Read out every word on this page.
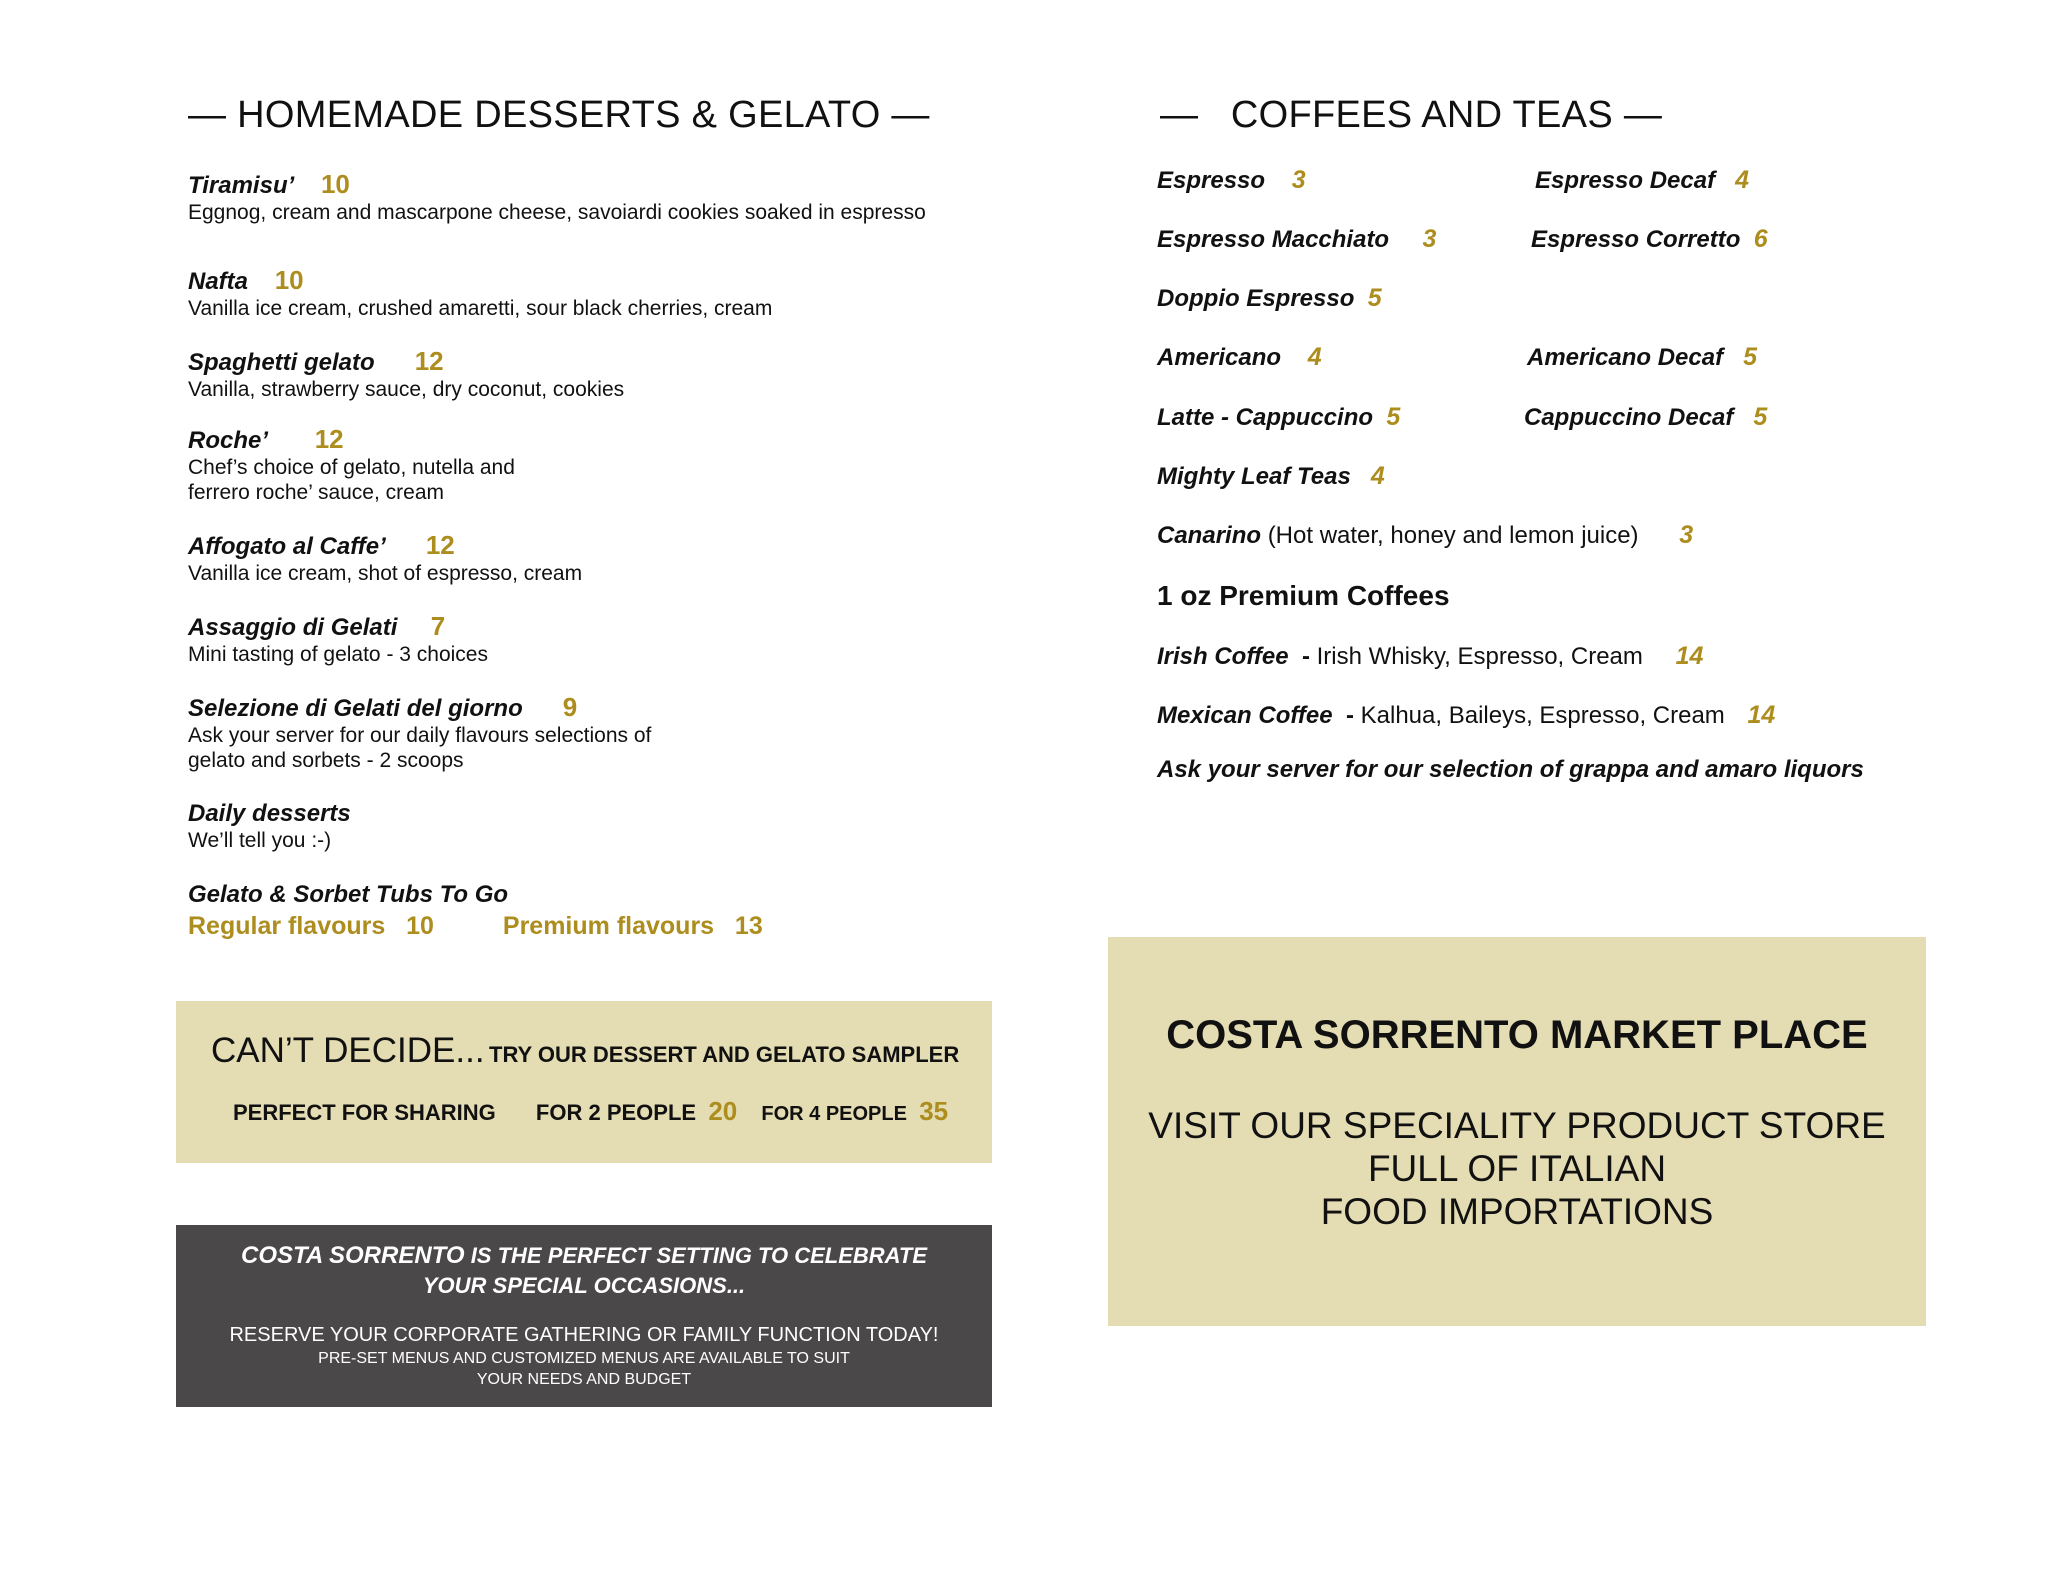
— HOMEMADE DESSERTS & GELATO —
Tiramisu’ 10
Eggnog, cream and mascarpone cheese, savoiardi cookies soaked in espresso
Nafta 10
Vanilla ice cream, crushed amaretti, sour black cherries, cream
Spaghetti gelato 12
Vanilla, strawberry sauce, dry coconut, cookies
Roche’ 12
Chef’s choice of gelato, nutella and
ferrero roche’ sauce, cream
Affogato al Caffe’ 12
Vanilla ice cream, shot of espresso, cream
Assaggio di Gelati 7
Mini tasting of gelato - 3 choices
Selezione di Gelati del giorno 9
Ask your server for our daily flavours selections of
gelato and sorbets - 2 scoops
Daily desserts
We’ll tell you :-)
Gelato & Sorbet Tubs To Go
Regular flavours 10	Premium flavours 13
CAN’T DECIDE... TRY OUR DESSERT AND GELATO SAMPLER
PERFECT FOR SHARING FOR 2 PEOPLE 20 FOR 4 PEOPLE 35
COSTA SORRENTO IS THE PERFECT SETTING TO CELEBRATE
YOUR SPECIAL OCCASIONS...
RESERVE YOUR CORPORATE GATHERING OR FAMILY FUNCTION TODAY!
PRE-SET MENUS AND CUSTOMIZED MENUS ARE AVAILABLE TO SUIT
YOUR NEEDS AND BUDGET
— COFFEES AND TEAS —
Espresso 3	Espresso Decaf 4
Espresso Macchiato 3	Espresso Corretto 6
Doppio Espresso 5
Americano 4	Americano Decaf 5
Latte - Cappuccino 5	Cappuccino Decaf 5
Mighty Leaf Teas 4
Canarino (Hot water, honey and lemon juice) 3
1 oz Premium Coffees
Irish Coffee - Irish Whisky, Espresso, Cream 14
Mexican Coffee - Kalhua, Baileys, Espresso, Cream 14
Ask your server for our selection of grappa and amaro liquors
COSTA SORRENTO MARKET PLACE
VISIT OUR SPECIALITY PRODUCT STORE
FULL OF ITALIAN
FOOD IMPORTATIONS
